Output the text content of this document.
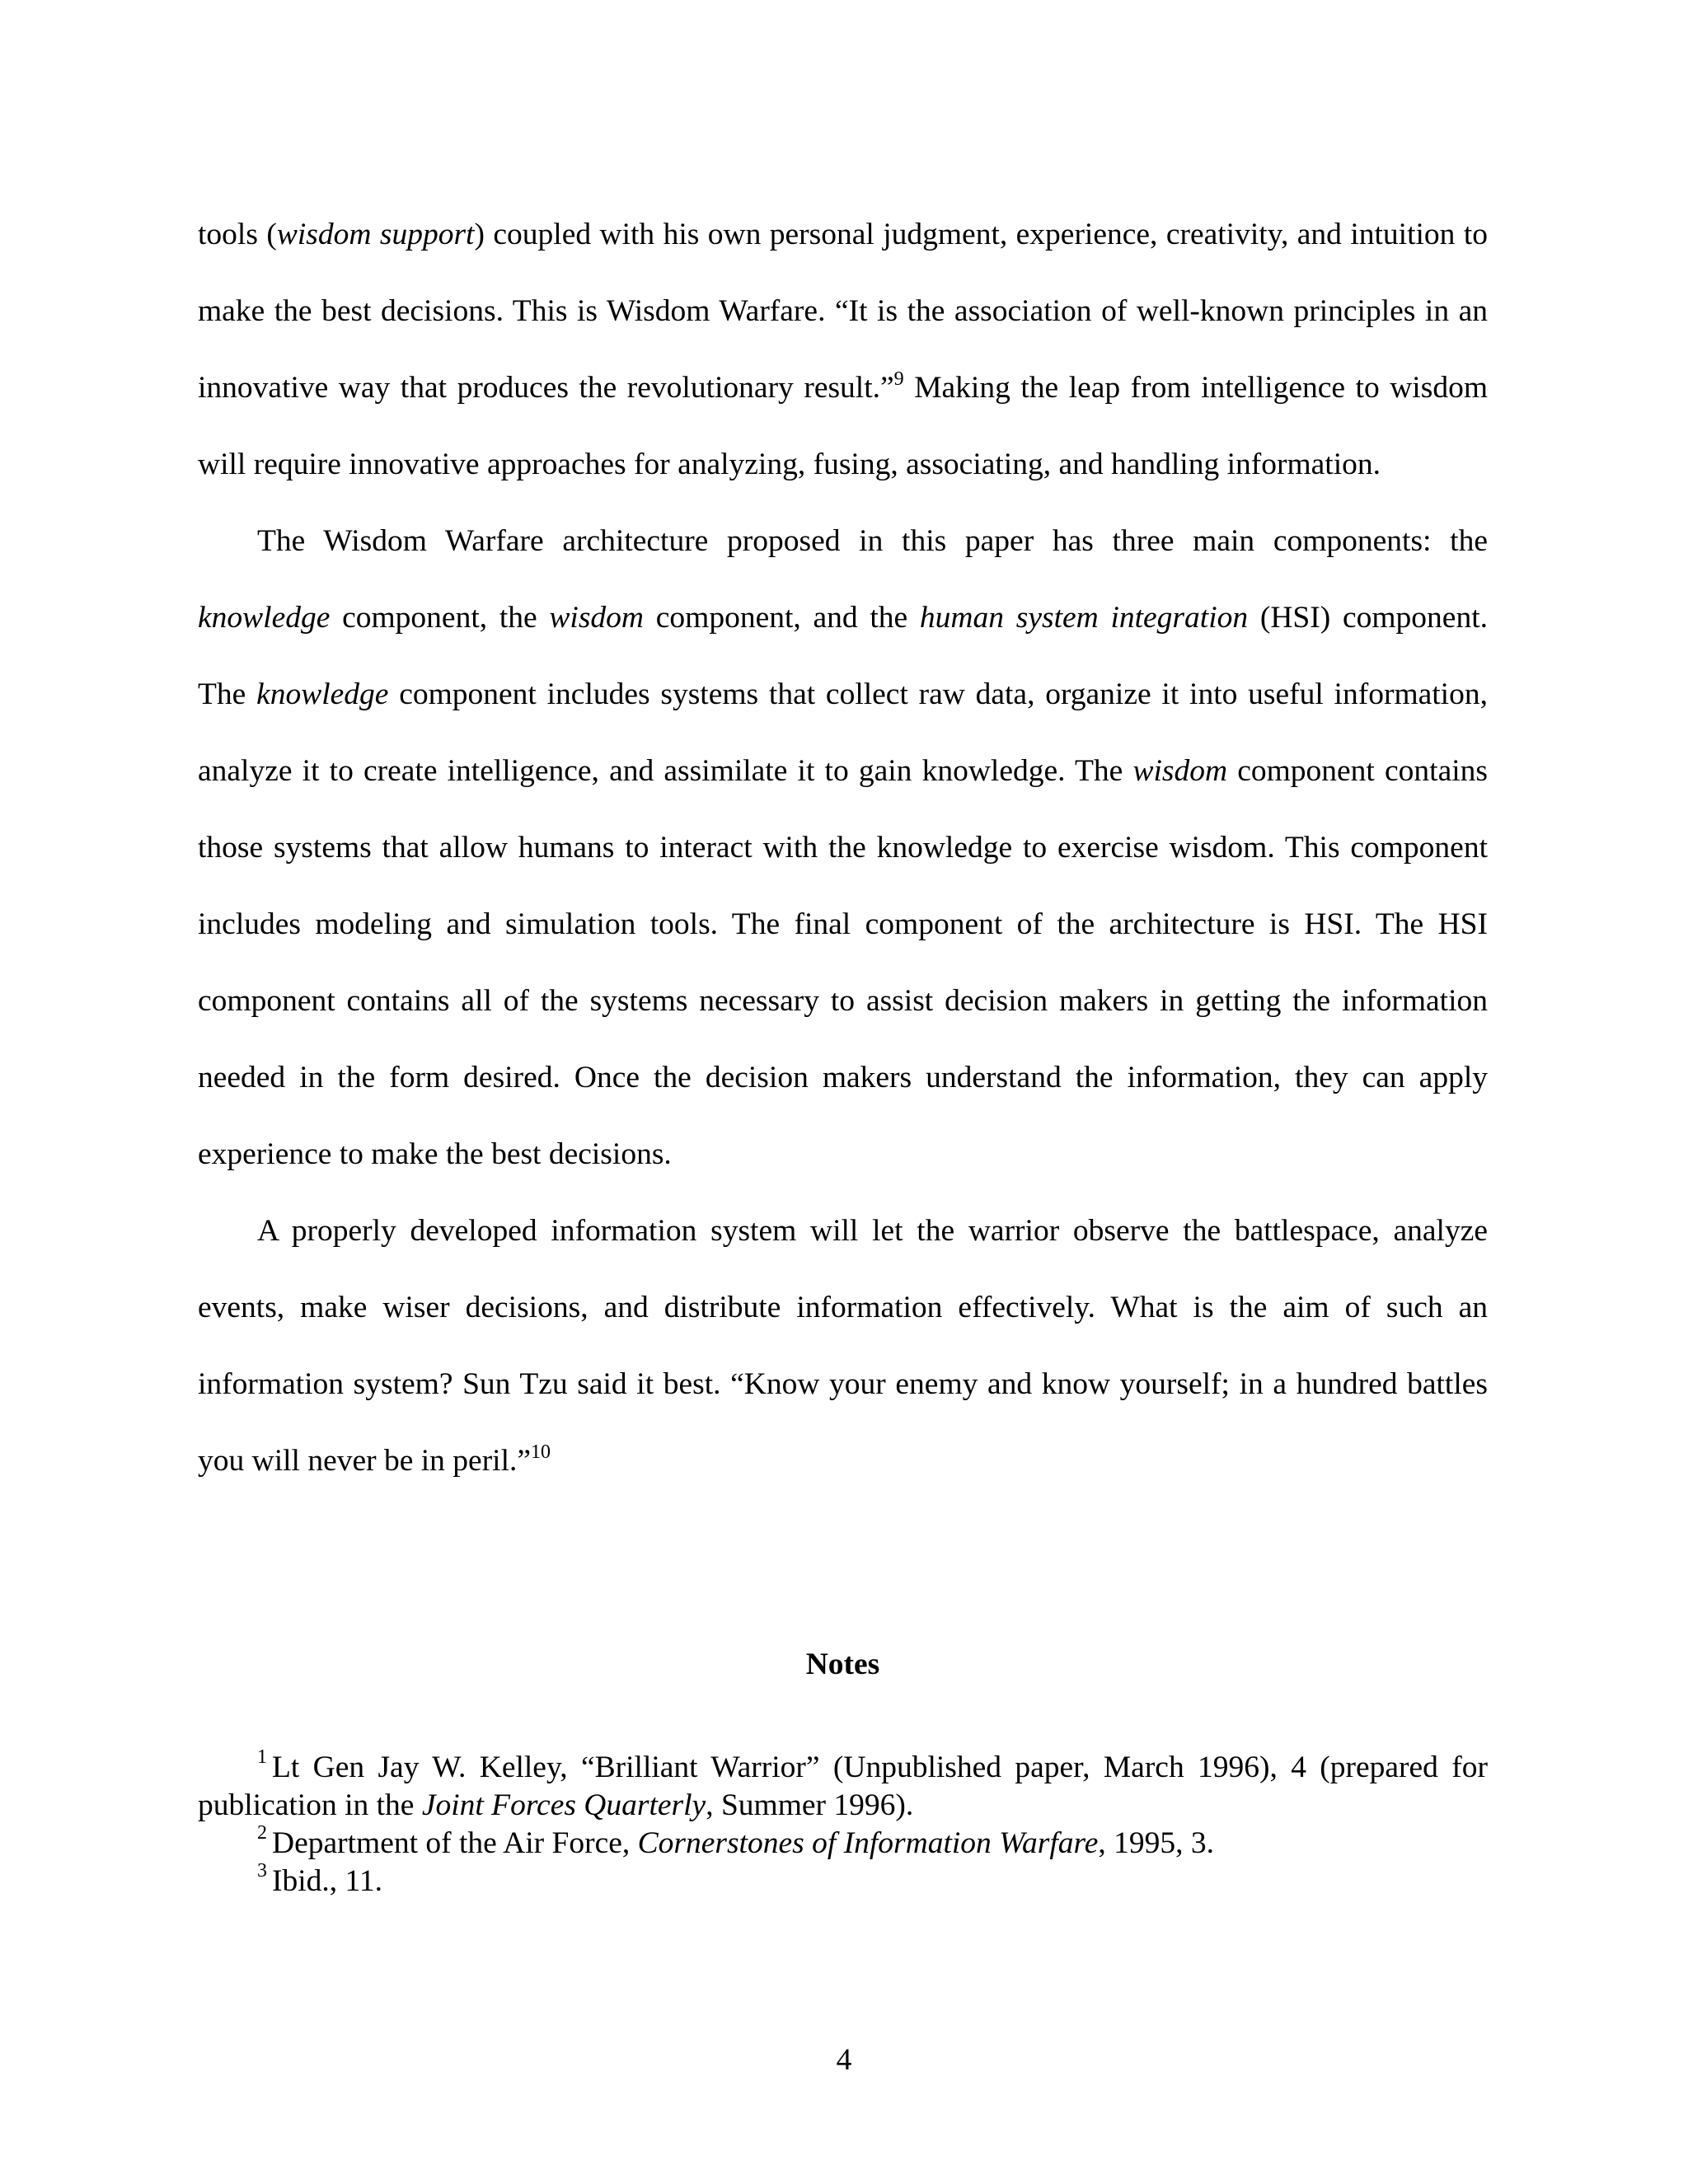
tools (wisdom support) coupled with his own personal judgment, experience, creativity, and intuition to make the best decisions. This is Wisdom Warfare. “It is the association of well-known principles in an innovative way that produces the revolutionary result.”$^9$ Making the leap from intelligence to wisdom will require innovative approaches for analyzing, fusing, associating, and handling information.

The Wisdom Warfare architecture proposed in this paper has three main components: the knowledge component, the wisdom component, and the human system integration (HSI) component. The knowledge component includes systems that collect raw data, organize it into useful information, analyze it to create intelligence, and assimilate it to gain knowledge. The wisdom component contains those systems that allow humans to interact with the knowledge to exercise wisdom. This component includes modeling and simulation tools. The final component of the architecture is HSI. The HSI component contains all of the systems necessary to assist decision makers in getting the information needed in the form desired. Once the decision makers understand the information, they can apply experience to make the best decisions.

A properly developed information system will let the warrior observe the battlespace, analyze events, make wiser decisions, and distribute information effectively. What is the aim of such an information system? Sun Tzu said it best. “Know your enemy and know yourself; in a hundred battles you will never be in peril.”$^{10}$

Notes

$^1$ Lt Gen Jay W. Kelley, “Brilliant Warrior” (Unpublished paper, March 1996), 4 (prepared for publication in the Joint Forces Quarterly, Summer 1996).

$^2$ Department of the Air Force, Cornerstones of Information Warfare, 1995, 3.

$^3$ Ibid., 11.

4
